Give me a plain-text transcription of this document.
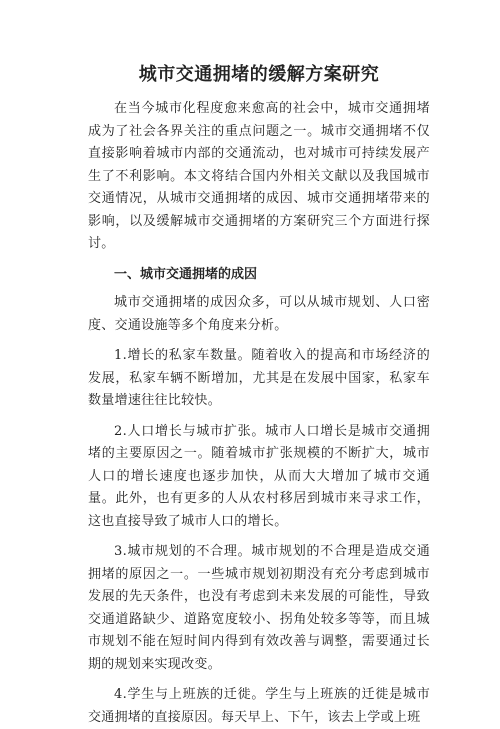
城市交通拥堵的缓解方案研究

在当今城市化程度愈来愈高的社会中，城市交通拥堵成为了社会各界关注的重点问题之一。城市交通拥堵不仅直接影响着城市内部的交通流动，也对城市可持续发展产生了不利影响。本文将结合国内外相关文献以及我国城市交通情况，从城市交通拥堵的成因、城市交通拥堵带来的影响，以及缓解城市交通拥堵的方案研究三个方面进行探讨。

一、城市交通拥堵的成因

城市交通拥堵的成因众多，可以从城市规划、人口密度、交通设施等多个角度来分析。

1.增长的私家车数量。随着收入的提高和市场经济的发展，私家车辆不断增加，尤其是在发展中国家，私家车数量增速往往比较快。

2.人口增长与城市扩张。城市人口增长是城市交通拥堵的主要原因之一。随着城市扩张规模的不断扩大，城市人口的增长速度也逐步加快，从而大大增加了城市交通量。此外，也有更多的人从农村移居到城市来寻求工作，这也直接导致了城市人口的增长。

3.城市规划的不合理。城市规划的不合理是造成交通拥堵的原因之一。一些城市规划初期没有充分考虑到城市发展的先天条件，也没有考虑到未来发展的可能性，导致交通道路缺少、道路宽度较小、拐角处较多等等，而且城市规划不能在短时间内得到有效改善与调整，需要通过长期的规划来实现改变。

4.学生与上班族的迁徙。学生与上班族的迁徙是城市交通拥堵的直接原因。每天早上、下午，该去上学或上班
